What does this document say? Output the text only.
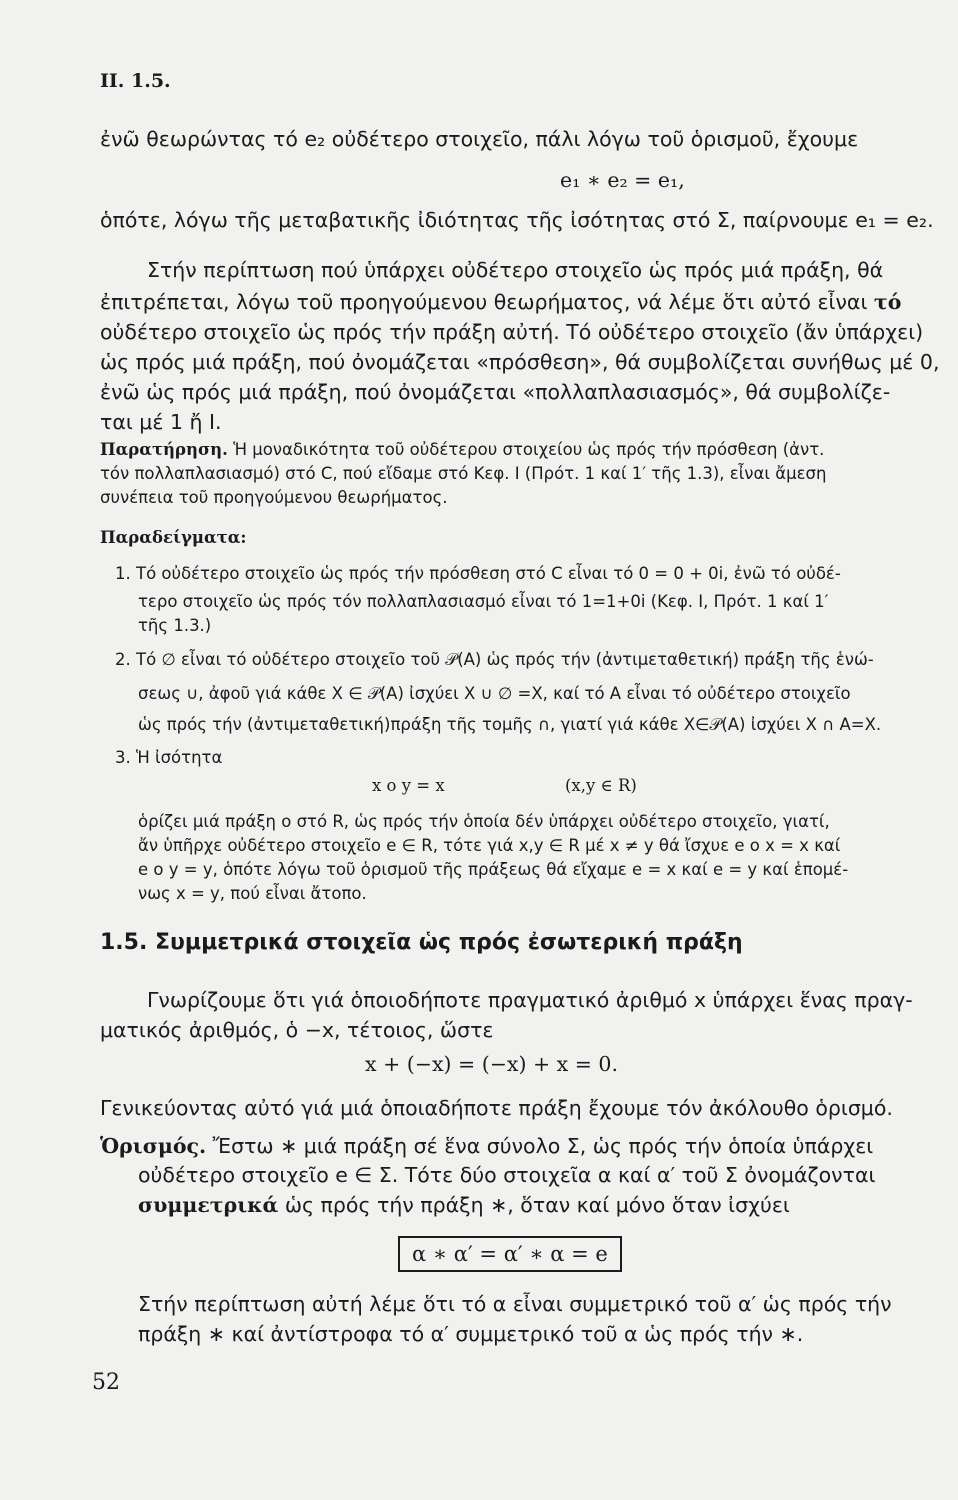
II. 1.5.
ἐνῶ θεωρώντας τό e₂ οὐδέτερο στοιχεῖο, πάλι λόγω τοῦ ὁρισμοῦ, ἔχουμε
e₁ ∗ e₂ = e₁,
ὁπότε, λόγω τῆς μεταβατικῆς ἰδιότητας τῆς ἰσότητας στό Σ, παίρνουμε e₁ = e₂.
Στήν περίπτωση πού ὑπάρχει οὐδέτερο στοιχεῖο ὡς πρός μιά πράξη, θά
ἐπιτρέπεται, λόγω τοῦ προηγούμενου θεωρήματος, νά λέμε ὅτι αὐτό εἶναι τό
οὐδέτερο στοιχεῖο ὡς πρός τήν πράξη αὐτή. Τό οὐδέτερο στοιχεῖο (ἄν ὑπάρχει)
ὡς πρός μιά πράξη, πού ὀνομάζεται «πρόσθεση», θά συμβολίζεται συνήθως μέ 0,
ἐνῶ ὡς πρός μιά πράξη, πού ὀνομάζεται «πολλαπλασιασμός», θά συμβολίζε-
ται μέ 1 ἤ I.
Παρατήρηση. Ἡ μοναδικότητα τοῦ οὐδέτερου στοιχείου ὡς πρός τήν πρόσθεση (ἀντ.
τόν πολλαπλασιασμό) στό C, πού εἴδαμε στό Κεφ. I (Πρότ. 1 καί 1′ τῆς 1.3), εἶναι ἄμεση
συνέπεια τοῦ προηγούμενου θεωρήματος.
Παραδείγματα:
1. Τό οὐδέτερο στοιχεῖο ὡς πρός τήν πρόσθεση στό C εἶναι τό 0 = 0 + 0i, ἐνῶ τό οὐδέ-
τερο στοιχεῖο ὡς πρός τόν πολλαπλασιασμό εἶναι τό 1=1+0i (Κεφ. I, Πρότ. 1 καί 1′
τῆς 1.3.)
2. Τό ∅ εἶναι τό οὐδέτερο στοιχεῖο τοῦ 𝒫(A) ὡς πρός τήν (ἀντιμεταθετική) πράξη τῆς ἑνώ-
σεως ∪, ἀφοῦ γιά κάθε X ∈ 𝒫(A) ἰσχύει X ∪ ∅ =X, καί τό A εἶναι τό οὐδέτερο στοιχεῖο
ὡς πρός τήν (ἀντιμεταθετική)πράξη τῆς τομῆς ∩, γιατί γιά κάθε X∈𝒫(A) ἰσχύει X ∩ A=X.
3. Ἡ ἰσότητα
x o y = x	(x,y ∈ R)
ὁρίζει μιά πράξη o στό R, ὡς πρός τήν ὁποία δέν ὑπάρχει οὐδέτερο στοιχεῖο, γιατί,
ἄν ὑπῆρχε οὐδέτερο στοιχεῖο e ∈ R, τότε γιά x,y ∈ R μέ x ≠ y θά ἴσχυε e o x = x καί
e o y = y, ὁπότε λόγω τοῦ ὁρισμοῦ τῆς πράξεως θά εἴχαμε e = x καί e = y καί ἑπομέ-
νως x = y, πού εἶναι ἄτοπο.
1.5. Συμμετρικά στοιχεῖα ὡς πρός ἐσωτερική πράξη
Γνωρίζουμε ὅτι γιά ὁποιοδήποτε πραγματικό ἀριθμό x ὑπάρχει ἕνας πραγ-
ματικός ἀριθμός, ὁ −x, τέτοιος, ὥστε
x + (−x) = (−x) + x = 0.
Γενικεύοντας αὐτό γιά μιά ὁποιαδήποτε πράξη ἔχουμε τόν ἀκόλουθο ὁρισμό.
Ὁρισμός. Ἔστω ∗ μιά πράξη σέ ἕνα σύνολο Σ, ὡς πρός τήν ὁποία ὑπάρχει
οὐδέτερο στοιχεῖο e ∈ Σ. Τότε δύο στοιχεῖα α καί α′ τοῦ Σ ὀνομάζονται
συμμετρικά ὡς πρός τήν πράξη ∗, ὅταν καί μόνο ὅταν ἰσχύει
α ∗ α′ = α′ ∗ α = e
Στήν περίπτωση αὐτή λέμε ὅτι τό α εἶναι συμμετρικό τοῦ α′ ὡς πρός τήν
πράξη ∗ καί ἀντίστροφα τό α′ συμμετρικό τοῦ α ὡς πρός τήν ∗.
52
